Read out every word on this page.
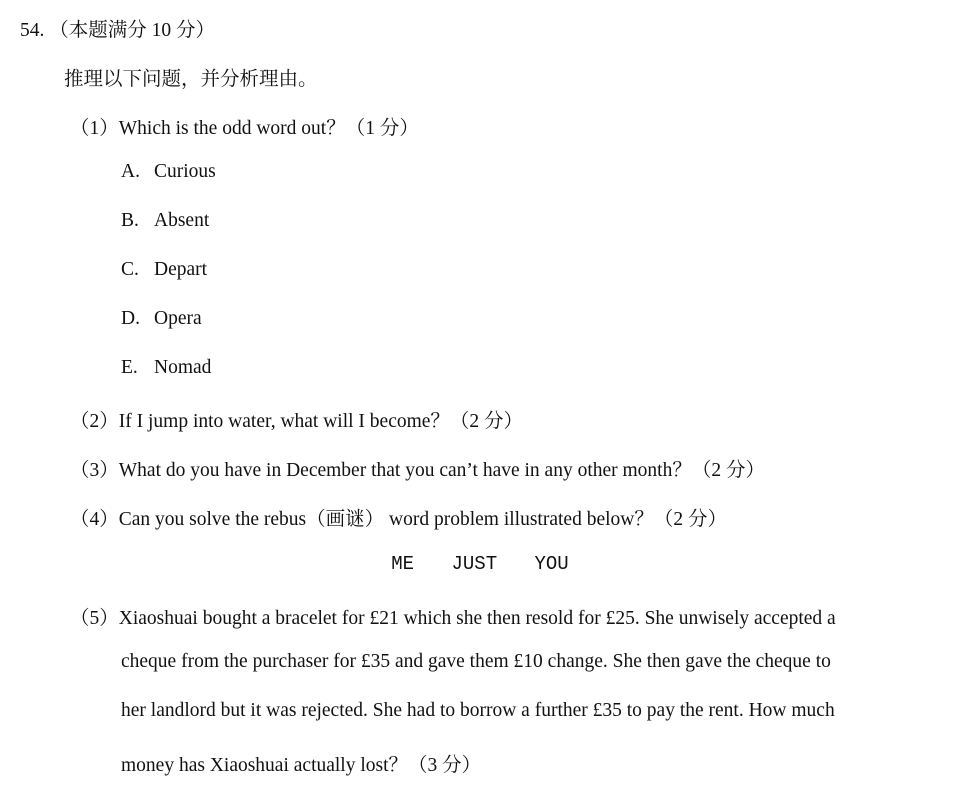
54. （本题满分 10 分）
推理以下问题，并分析理由。
（1）Which is the odd word out？（1 分）
A. Curious
B. Absent
C. Depart
D. Opera
E. Nomad
（2）If I jump into water, what will I become？（2 分）
（3）What do you have in December that you can’t have in any other month？（2 分）
（4）Can you solve the rebus（画谜） word problem illustrated below？（2 分）
ME JUST YOU
（5）Xiaoshuai bought a bracelet for £21 which she then resold for £25. She unwisely accepted a
cheque from the purchaser for £35 and gave them £10 change. She then gave the cheque to
her landlord but it was rejected. She had to borrow a further £35 to pay the rent. How much
money has Xiaoshuai actually lost？（3 分）
